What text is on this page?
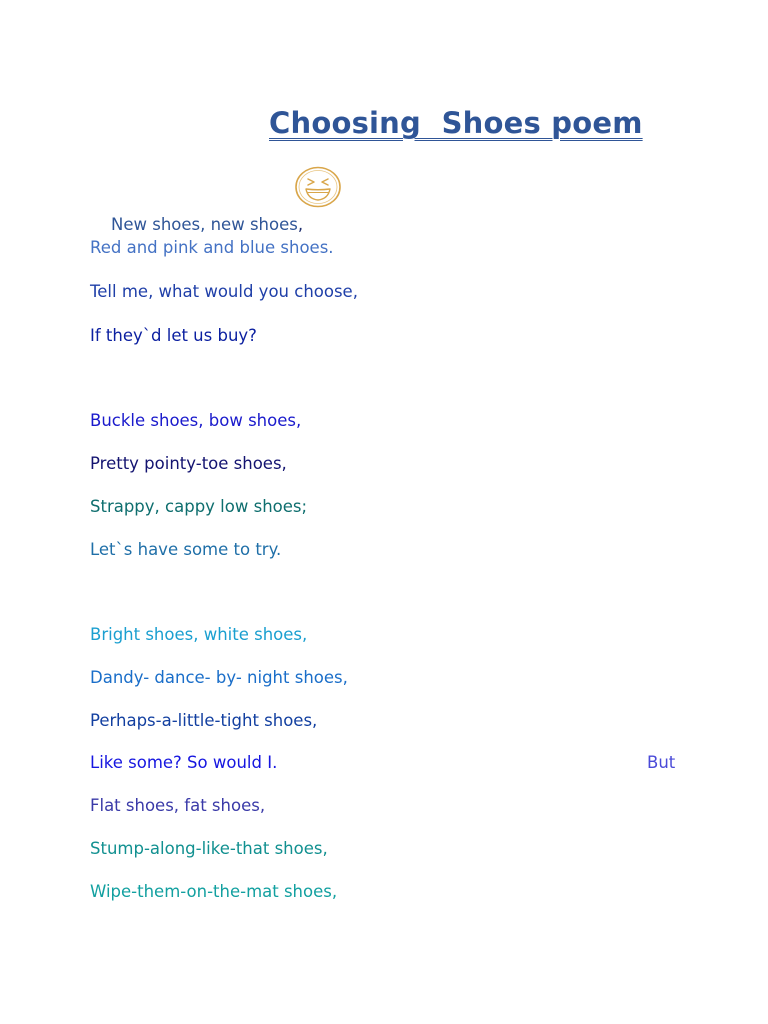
Choosing  Shoes poem

New shoes, new shoes,

Red and pink and blue shoes.
Tell me, what would you choose,
If they`d let us buy?
Buckle shoes, bow shoes,
Pretty pointy-toe shoes,
Strappy, cappy low shoes;
Let`s have some to try.
Bright shoes, white shoes,
Dandy- dance- by- night shoes,
Perhaps-a-little-tight shoes,
Like some? So would I.	But
Flat shoes, fat shoes,
Stump-along-like-that shoes,
Wipe-them-on-the-mat shoes,
